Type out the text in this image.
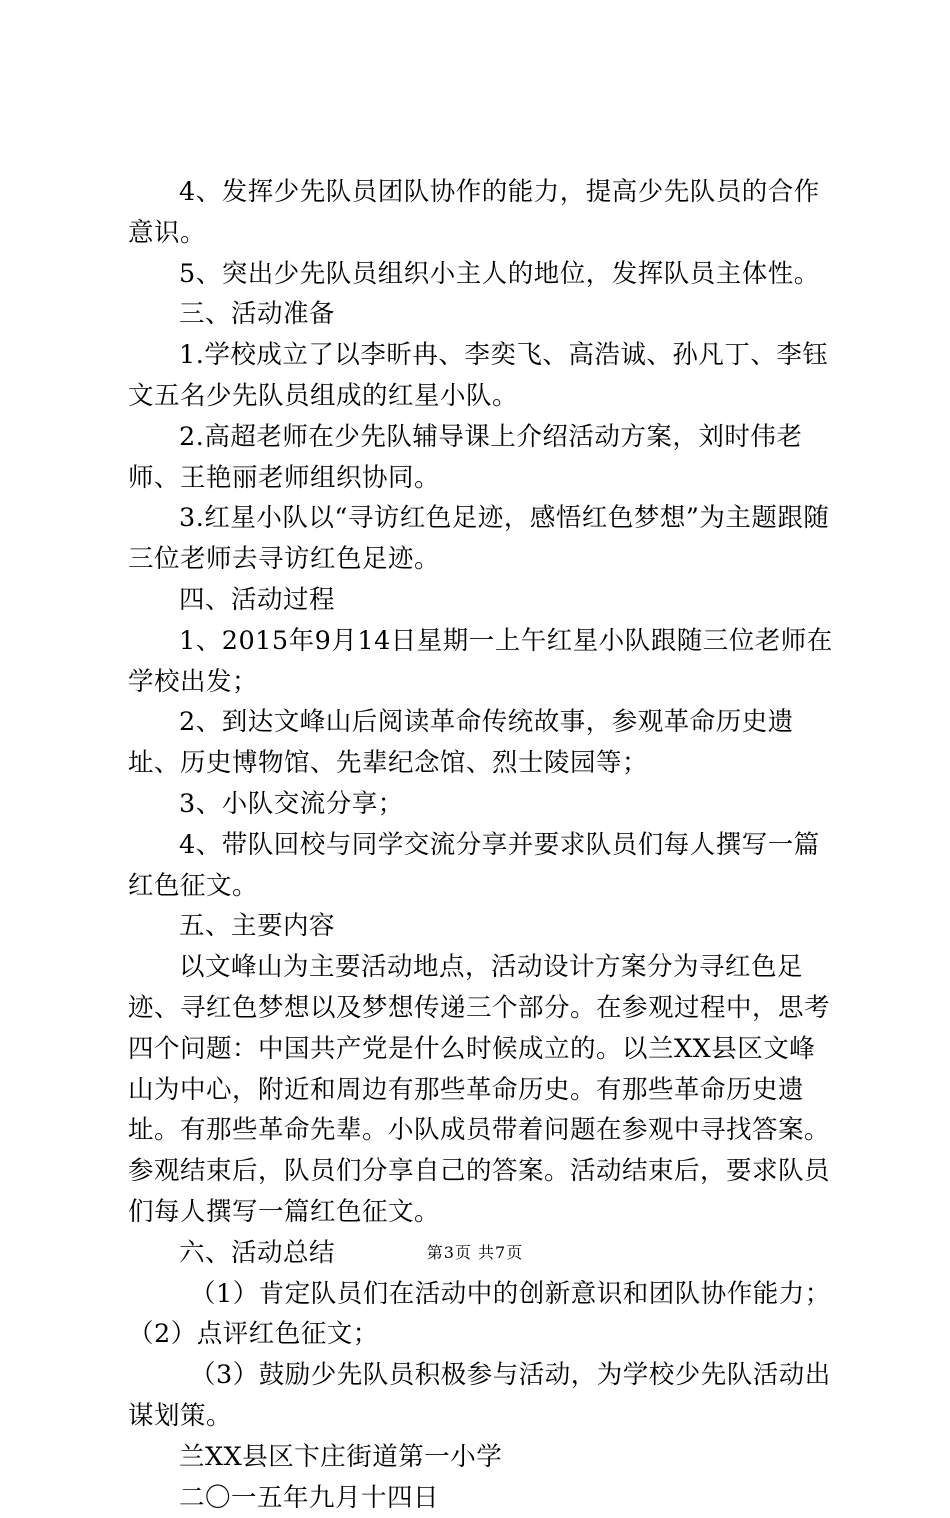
4、发挥少先队员团队协作的能力，提高少先队员的合作意识。

5、突出少先队员组织小主人的地位，发挥队员主体性。

三、活动准备

1.学校成立了以李昕冉、李奕飞、高浩诚、孙凡丁、李钰文五名少先队员组成的红星小队。

2.高超老师在少先队辅导课上介绍活动方案，刘时伟老师、王艳丽老师组织协同。

3.红星小队以“寻访红色足迹，感悟红色梦想”为主题跟随三位老师去寻访红色足迹。

四、活动过程

1、2015年9月14日星期一上午红星小队跟随三位老师在学校出发；

2、到达文峰山后阅读革命传统故事，参观革命历史遗址、历史博物馆、先辈纪念馆、烈士陵园等；

3、小队交流分享；

4、带队回校与同学交流分享并要求队员们每人撰写一篇红色征文。

五、主要内容

以文峰山为主要活动地点，活动设计方案分为寻红色足迹、寻红色梦想以及梦想传递三个部分。在参观过程中，思考四个问题：中国共产党是什么时候成立的。以兰XX县区文峰山为中心，附近和周边有那些革命历史。有那些革命历史遗址。有那些革命先辈。小队成员带着问题在参观中寻找答案。参观结束后，队员们分享自己的答案。活动结束后，要求队员们每人撰写一篇红色征文。

六、活动总结

（1）肯定队员们在活动中的创新意识和团队协作能力；（2）点评红色征文；

（3）鼓励少先队员积极参与活动，为学校少先队活动出谋划策。

兰XX县区卞庄街道第一小学

二〇一五年九月十四日

第3页 共7页
